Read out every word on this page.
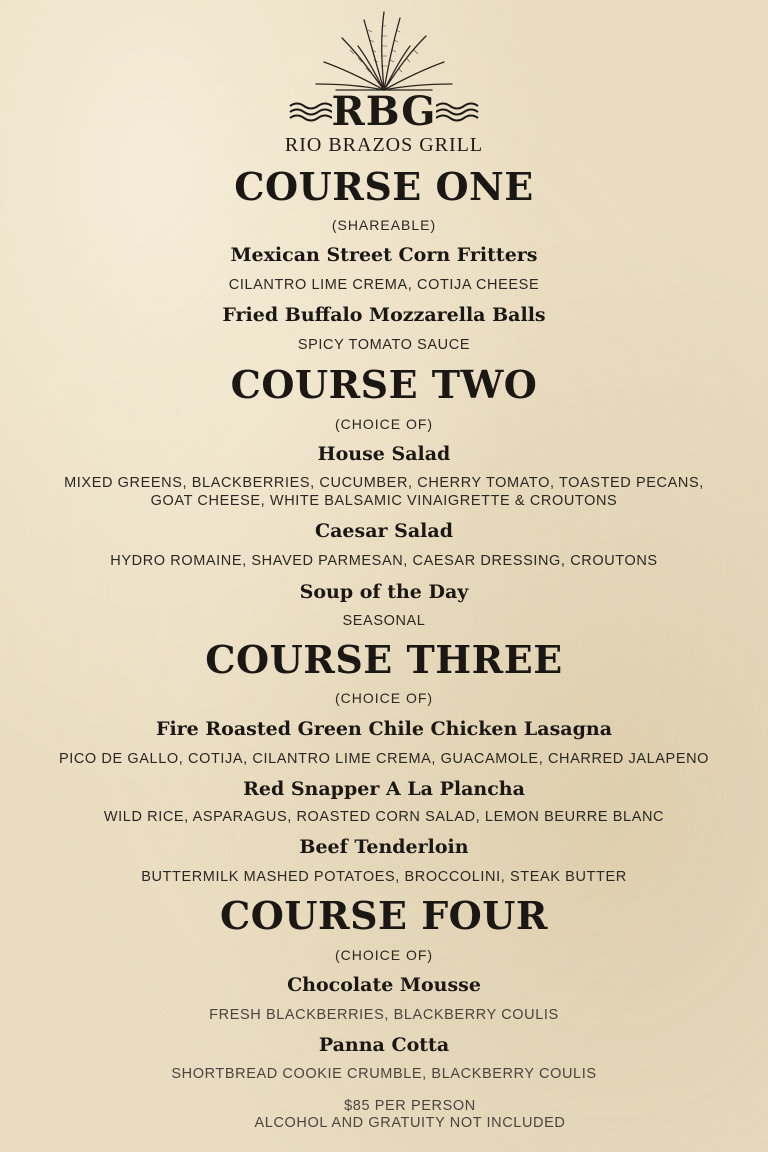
RBG
RIO BRAZOS GRILL
COURSE ONE
(SHAREABLE)
Mexican Street Corn Fritters
CILANTRO LIME CREMA, COTIJA CHEESE
Fried Buffalo Mozzarella Balls
SPICY TOMATO SAUCE
COURSE TWO
(CHOICE OF)
House Salad
MIXED GREENS, BLACKBERRIES, CUCUMBER, CHERRY TOMATO, TOASTED PECANS,
GOAT CHEESE, WHITE BALSAMIC VINAIGRETTE & CROUTONS
Caesar Salad
HYDRO ROMAINE, SHAVED PARMESAN, CAESAR DRESSING, CROUTONS
Soup of the Day
SEASONAL
COURSE THREE
(CHOICE OF)
Fire Roasted Green Chile Chicken Lasagna
PICO DE GALLO, COTIJA, CILANTRO LIME CREMA, GUACAMOLE, CHARRED JALAPENO
Red Snapper A La Plancha
WILD RICE, ASPARAGUS, ROASTED CORN SALAD, LEMON BEURRE BLANC
Beef Tenderloin
BUTTERMILK MASHED POTATOES, BROCCOLINI, STEAK BUTTER
COURSE FOUR
(CHOICE OF)
Chocolate Mousse
FRESH BLACKBERRIES, BLACKBERRY COULIS
Panna Cotta
SHORTBREAD COOKIE CRUMBLE, BLACKBERRY COULIS
$85 PER PERSON
ALCOHOL AND GRATUITY NOT INCLUDED
